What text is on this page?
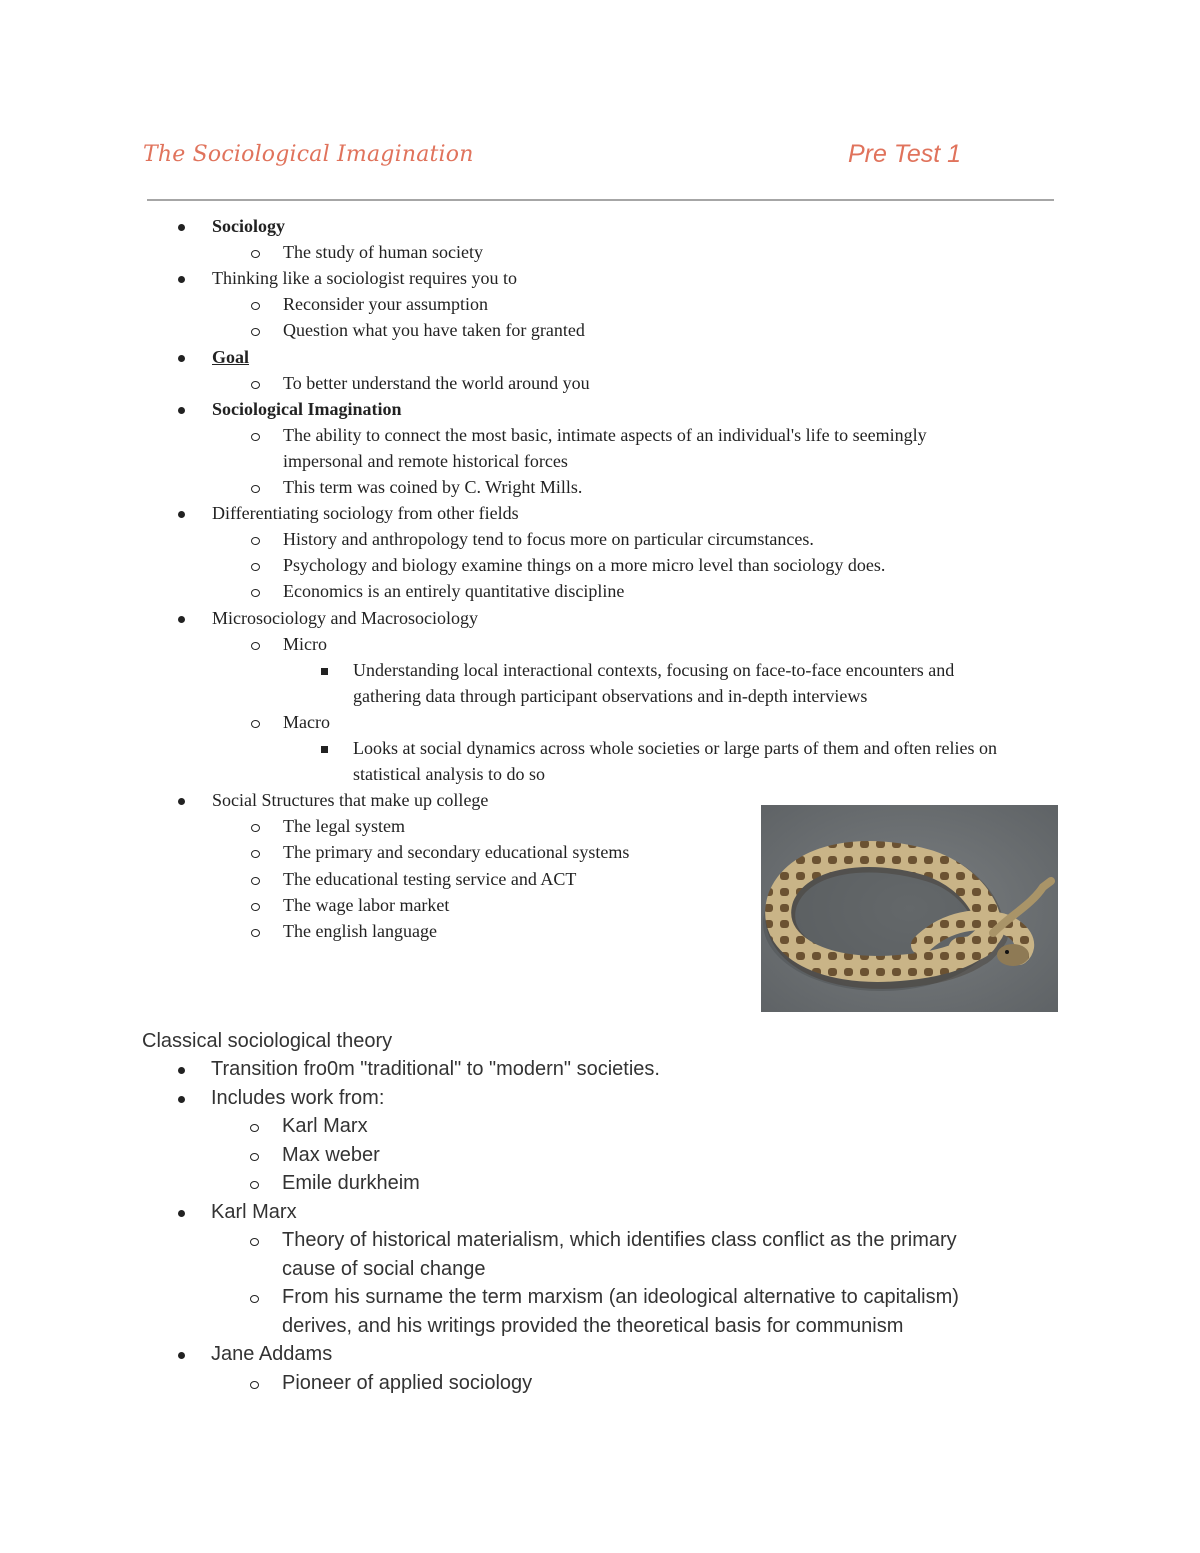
The Sociological Imagination	Pre Test 1
Sociology
The study of human society
Thinking like a sociologist requires you to
Reconsider your assumption
Question what you have taken for granted
Goal
To better understand the world around you
Sociological Imagination
The ability to connect the most basic, intimate aspects of an individual's life to seemingly
impersonal and remote historical forces
This term was coined by C. Wright Mills.
Differentiating sociology from other fields
History and anthropology tend to focus more on particular circumstances.
Psychology and biology examine things on a more micro level than sociology does.
Economics is an entirely quantitative discipline
Microsociology and Macrosociology
Micro
Understanding local interactional contexts, focusing on face-to-face encounters and
gathering data through participant observations and in-depth interviews
Macro
Looks at social dynamics across whole societies or large parts of them and often relies on
statistical analysis to do so
Social Structures that make up college
The legal system
The primary and secondary educational systems
The educational testing service and ACT
The wage labor market
The english language
Classical sociological theory
Transition fro0m "traditional" to "modern" societies.
Includes work from:
Karl Marx
Max weber
Emile durkheim
Karl Marx
Theory of historical materialism, which identifies class conflict as the primary
cause of social change
From his surname the term marxism (an ideological alternative to capitalism)
derives, and his writings provided the theoretical basis for communism
Jane Addams
Pioneer of applied sociology
